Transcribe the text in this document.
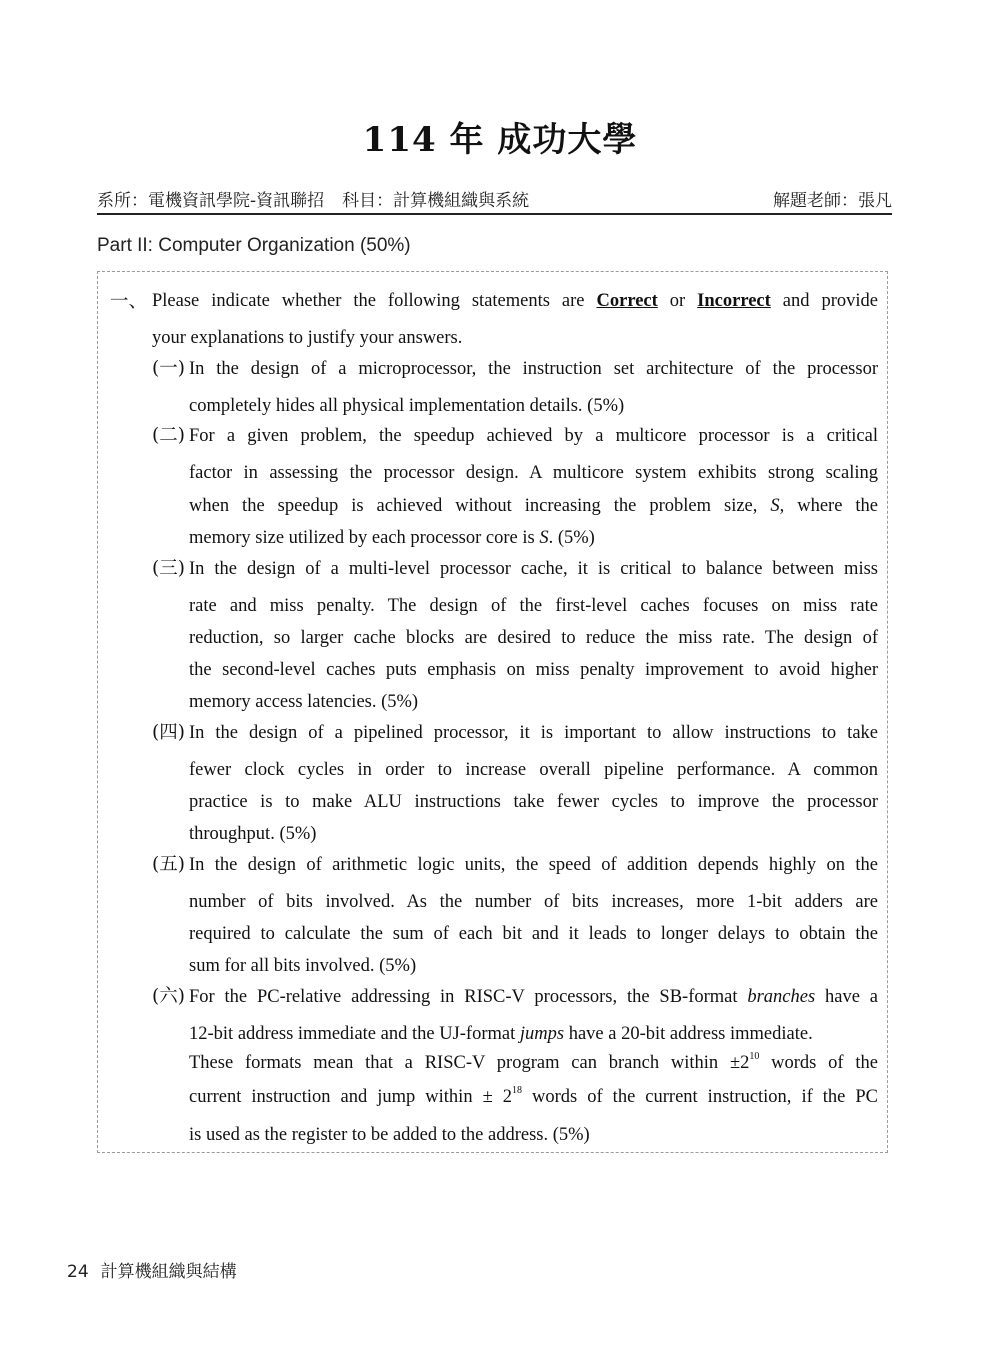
114 年 成功大學
系所：電機資訊學院-資訊聯招 科目：計算機組織與系統	解題老師：張凡
Part II: Computer Organization (50%)
一、 Please indicate whether the following statements are Correct or Incorrect and provide
your explanations to justify your answers.
(一) In the design of a microprocessor, the instruction set architecture of the processor
completely hides all physical implementation details. (5%)
(二) For a given problem, the speedup achieved by a multicore processor is a critical
factor in assessing the processor design. A multicore system exhibits strong scaling
when the speedup is achieved without increasing the problem size, S, where the
memory size utilized by each processor core is S. (5%)
(三) In the design of a multi-level processor cache, it is critical to balance between miss
rate and miss penalty. The design of the first-level caches focuses on miss rate
reduction, so larger cache blocks are desired to reduce the miss rate. The design of
the second-level caches puts emphasis on miss penalty improvement to avoid higher
memory access latencies. (5%)
(四) In the design of a pipelined processor, it is important to allow instructions to take
fewer clock cycles in order to increase overall pipeline performance. A common
practice is to make ALU instructions take fewer cycles to improve the processor
throughput. (5%)
(五) In the design of arithmetic logic units, the speed of addition depends highly on the
number of bits involved. As the number of bits increases, more 1-bit adders are
required to calculate the sum of each bit and it leads to longer delays to obtain the
sum for all bits involved. (5%)
(六) For the PC-relative addressing in RISC-V processors, the SB-format branches have a
12-bit address immediate and the UJ-format jumps have a 20-bit address immediate.
These formats mean that a RISC-V program can branch within $\pm 2^{10}$ words of the
current instruction and jump within ± $2^{18}$ words of the current instruction, if the PC
is used as the register to be added to the address. (5%)
24 計算機組織與結構
